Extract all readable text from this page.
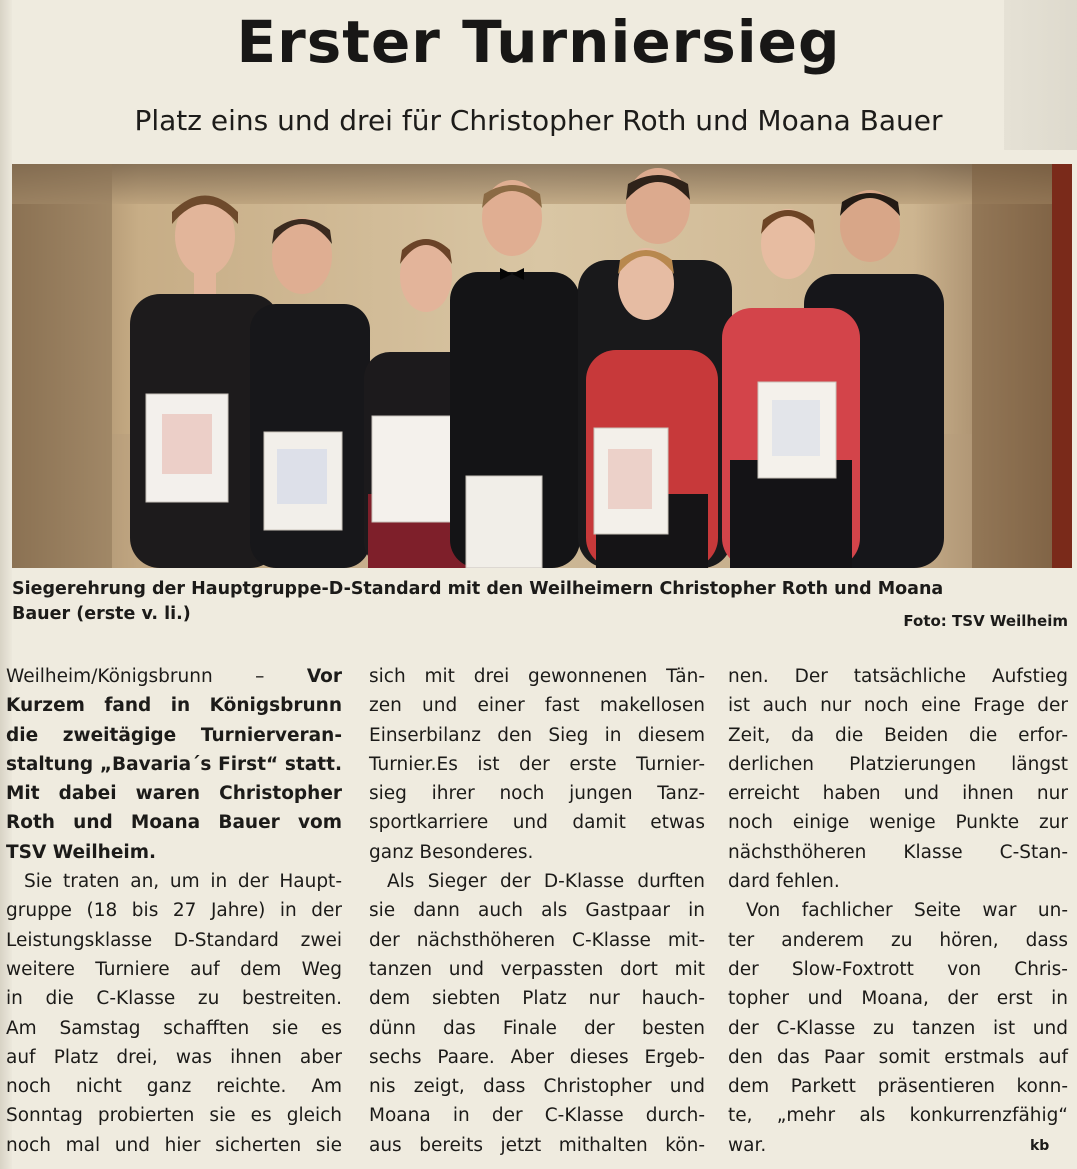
Erster Turniersieg
Platz eins und drei für Christopher Roth und Moana Bauer
Siegerehrung der Hauptgruppe-D-Standard mit den Weilheimern Christopher Roth und Moana
Bauer (erste v. li.)	Foto: TSV Weilheim
Weilheim/Königsbrunn – Vor
Kurzem fand in Königsbrunn
die zweitägige Turnierveran-
staltung „Bavaria´s First“ statt.
Mit dabei waren Christopher
Roth und Moana Bauer vom
TSV Weilheim.
Sie traten an, um in der Haupt-
gruppe (18 bis 27 Jahre) in der
Leistungsklasse D-Standard zwei
weitere Turniere auf dem Weg
in die C-Klasse zu bestreiten.
Am Samstag schafften sie es
auf Platz drei, was ihnen aber
noch nicht ganz reichte. Am
Sonntag probierten sie es gleich
noch mal und hier sicherten sie
sich mit drei gewonnenen Tän-
zen und einer fast makellosen
Einserbilanz den Sieg in diesem
Turnier.Es ist der erste Turnier-
sieg ihrer noch jungen Tanz-
sportkarriere und damit etwas
ganz Besonderes.
Als Sieger der D-Klasse durften
sie dann auch als Gastpaar in
der nächsthöheren C-Klasse mit-
tanzen und verpassten dort mit
dem siebten Platz nur hauch-
dünn das Finale der besten
sechs Paare. Aber dieses Ergeb-
nis zeigt, dass Christopher und
Moana in der C-Klasse durch-
aus bereits jetzt mithalten kön-
nen. Der tatsächliche Aufstieg
ist auch nur noch eine Frage der
Zeit, da die Beiden die erfor-
derlichen Platzierungen längst
erreicht haben und ihnen nur
noch einige wenige Punkte zur
nächsthöheren Klasse C-Stan-
dard fehlen.
Von fachlicher Seite war un-
ter anderem zu hören, dass
der Slow-Foxtrott von Chris-
topher und Moana, der erst in
der C-Klasse zu tanzen ist und
den das Paar somit erstmals auf
dem Parkett präsentieren konn-
te, „mehr als konkurrenzfähig“
war.	kb
